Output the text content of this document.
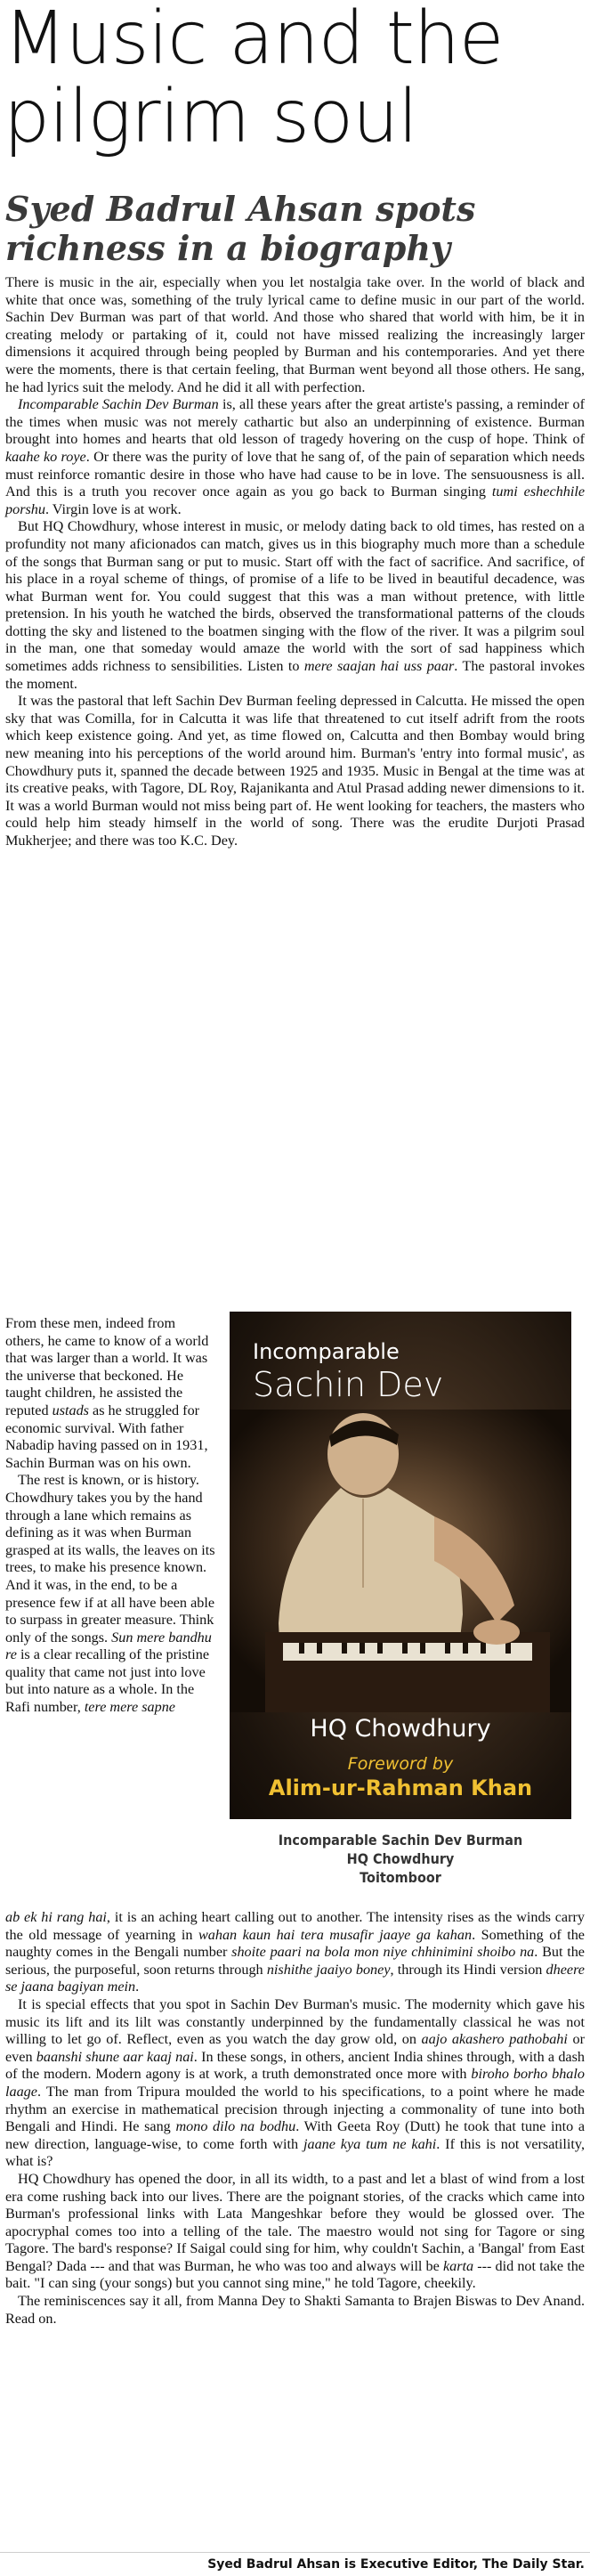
Music and the
pilgrim soul
Syed Badrul Ahsan spots
richness in a biography

There is music in the air, especially when you let nostalgia take over. In the world of black and white that once was, something of the truly lyrical came to define music in our part of the world. Sachin Dev Burman was part of that world. And those who shared that world with him, be it in creating melody or partaking of it, could not have missed realizing the increasingly larger dimensions it acquired through being peopled by Burman and his contemporaries. And yet there were the moments, there is that certain feeling, that Burman went beyond all those others. He sang, he had lyrics suit the melody. And he did it all with perfection.

Incomparable Sachin Dev Burman is, all these years after the great artiste's passing, a reminder of the times when music was not merely cathartic but also an underpinning of existence. Burman brought into homes and hearts that old lesson of tragedy hovering on the cusp of hope. Think of kaahe ko roye. Or there was the purity of love that he sang of, of the pain of separation which needs must reinforce romantic desire in those who have had cause to be in love. The sensuousness is all. And this is a truth you recover once again as you go back to Burman singing tumi eshechhile porshu. Virgin love is at work.

But HQ Chowdhury, whose interest in music, or melody dating back to old times, has rested on a profundity not many aficionados can match, gives us in this biography much more than a schedule of the songs that Burman sang or put to music. Start off with the fact of sacrifice. And sacrifice, of his place in a royal scheme of things, of promise of a life to be lived in beautiful decadence, was what Burman went for. You could suggest that this was a man without pretence, with little pretension. In his youth he watched the birds, observed the transformational patterns of the clouds dotting the sky and listened to the boatmen singing with the flow of the river. It was a pilgrim soul in the man, one that someday would amaze the world with the sort of sad happiness which sometimes adds richness to sensibilities. Listen to mere saajan hai uss paar. The pastoral invokes the moment.

It was the pastoral that left Sachin Dev Burman feeling depressed in Calcutta. He missed the open sky that was Comilla, for in Calcutta it was life that threatened to cut itself adrift from the roots which keep existence going. And yet, as time flowed on, Calcutta and then Bombay would bring new meaning into his perceptions of the world around him. Burman's 'entry into formal music', as Chowdhury puts it, spanned the decade between 1925 and 1935. Music in Bengal at the time was at its creative peaks, with Tagore, DL Roy, Rajanikanta and Atul Prasad adding newer dimensions to it. It was a world Burman would not miss being part of. He went looking for teachers, the masters who could help him steady himself in the world of song. There was the erudite Durjoti Prasad Mukherjee; and there was too K.C. Dey.

From these men, indeed from others, he came to know of a world that was larger than a world. It was the universe that beckoned. He taught children, he assisted the reputed ustads as he struggled for economic survival. With father Nabadip having passed on in 1931, Sachin Burman was on his own.

The rest is known, or is history. Chowdhury takes you by the hand through a lane which remains as defining as it was when Burman grasped at its walls, the leaves on its trees, to make his presence known. And it was, in the end, to be a presence few if at all have been able to surpass in greater measure. Think only of the songs. Sun mere bandhu re is a clear recalling of the pristine quality that came not just into love but into nature as a whole. In the Rafi number, tere mere sapne

Incomparable
Sachin Dev
HQ Chowdhury
Foreword by
Alim-ur-Rahman Khan
Incomparable Sachin Dev Burman
HQ Chowdhury
Toitomboor

ab ek hi rang hai, it is an aching heart calling out to another. The intensity rises as the winds carry the old message of yearning in wahan kaun hai tera musafir jaaye ga kahan. Something of the naughty comes in the Bengali number shoite paari na bola mon niye chhinimini shoibo na. But the serious, the purposeful, soon returns through nishithe jaaiyo boney, through its Hindi version dheere se jaana bagiyan mein.

It is special effects that you spot in Sachin Dev Burman's music. The modernity which gave his music its lift and its lilt was constantly underpinned by the fundamentally classical he was not willing to let go of. Reflect, even as you watch the day grow old, on aajo akashero pathobahi or even baanshi shune aar kaaj nai. In these songs, in others, ancient India shines through, with a dash of the modern. Modern agony is at work, a truth demonstrated once more with biroho borho bhalo laage. The man from Tripura moulded the world to his specifications, to a point where he made rhythm an exercise in mathematical precision through injecting a commonality of tune into both Bengali and Hindi. He sang mono dilo na bodhu. With Geeta Roy (Dutt) he took that tune into a new direction, language-wise, to come forth with jaane kya tum ne kahi. If this is not versatility, what is?

HQ Chowdhury has opened the door, in all its width, to a past and let a blast of wind from a lost era come rushing back into our lives. There are the poignant stories, of the cracks which came into Burman's professional links with Lata Mangeshkar before they would be glossed over. The apocryphal comes too into a telling of the tale. The maestro would not sing for Tagore or sing Tagore. The bard's response? If Saigal could sing for him, why couldn't Sachin, a 'Bangal' from East Bengal? Dada --- and that was Burman, he who was too and always will be karta --- did not take the bait. "I can sing (your songs) but you cannot sing mine," he told Tagore, cheekily.

The reminiscences say it all, from Manna Dey to Shakti Samanta to Brajen Biswas to Dev Anand. Read on.

Syed Badrul Ahsan is Executive Editor, The Daily Star.
